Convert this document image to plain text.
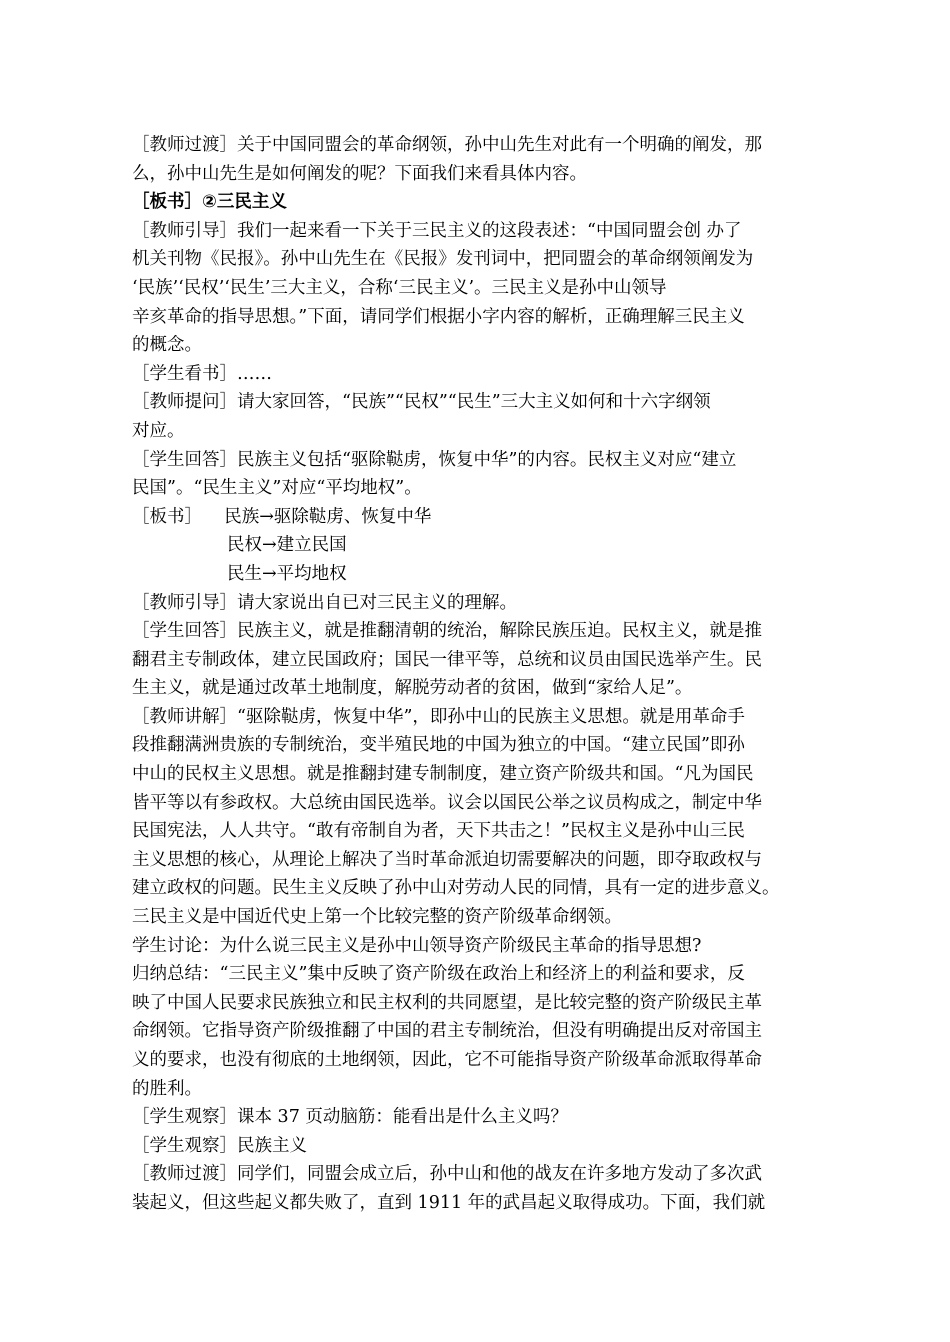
［教师过渡］关于中国同盟会的革命纲领，孙中山先生对此有一个明确的阐发，那
么，孙中山先生是如何阐发的呢？下面我们来看具体内容。
［板书］②三民主义
［教师引导］我们一起来看一下关于三民主义的这段表述：“中国同盟会创 办了
机关刊物《民报》。孙中山先生在《民报》发刊词中，把同盟会的革命纲领阐发为
‘民族’‘民权’‘民生’三大主义，合称‘三民主义’。三民主义是孙中山领导
辛亥革命的指导思想。”下面，请同学们根据小字内容的解析，正确理解三民主义
的概念。
［学生看书］……
［教师提问］请大家回答，“民族”“民权”“民生”三大主义如何和十六字纲领
对应。
［学生回答］民族主义包括“驱除鞑虏，恢复中华”的内容。民权主义对应“建立
民国”。“民生主义”对应“平均地权”。
［板书］    民族→驱除鞑虏、恢复中华
民权→建立民国
民生→平均地权
［教师引导］请大家说出自已对三民主义的理解。
［学生回答］民族主义，就是推翻清朝的统治，解除民族压迫。民权主义，就是推
翻君主专制政体，建立民国政府；国民一律平等，总统和议员由国民选举产生。民
生主义，就是通过改革土地制度，解脱劳动者的贫困，做到“家给人足”。
［教师讲解］“驱除鞑虏，恢复中华”，即孙中山的民族主义思想。就是用革命手
段推翻满洲贵族的专制统治，变半殖民地的中国为独立的中国。“建立民国”即孙
中山的民权主义思想。就是推翻封建专制制度，建立资产阶级共和国。“凡为国民
皆平等以有参政权。大总统由国民选举。议会以国民公举之议员构成之，制定中华
民国宪法，人人共守。“敢有帝制自为者，天下共击之！”民权主义是孙中山三民
主义思想的核心，从理论上解决了当时革命派迫切需要解决的问题，即夺取政权与
建立政权的问题。民生主义反映了孙中山对劳动人民的同情，具有一定的进步意义。
三民主义是中国近代史上第一个比较完整的资产阶级革命纲领。
学生讨论：为什么说三民主义是孙中山领导资产阶级民主革命的指导思想?
归纳总结：“三民主义”集中反映了资产阶级在政治上和经济上的利益和要求，反
映了中国人民要求民族独立和民主权利的共同愿望，是比较完整的资产阶级民主革
命纲领。它指导资产阶级推翻了中国的君主专制统治，但没有明确提出反对帝国主
义的要求，也没有彻底的土地纲领，因此，它不可能指导资产阶级革命派取得革命
的胜利。
［学生观察］课本 37 页动脑筋：能看出是什么主义吗？
［学生观察］民族主义
［教师过渡］同学们，同盟会成立后，孙中山和他的战友在许多地方发动了多次武
装起义，但这些起义都失败了，直到 1911 年的武昌起义取得成功。下面，我们就
